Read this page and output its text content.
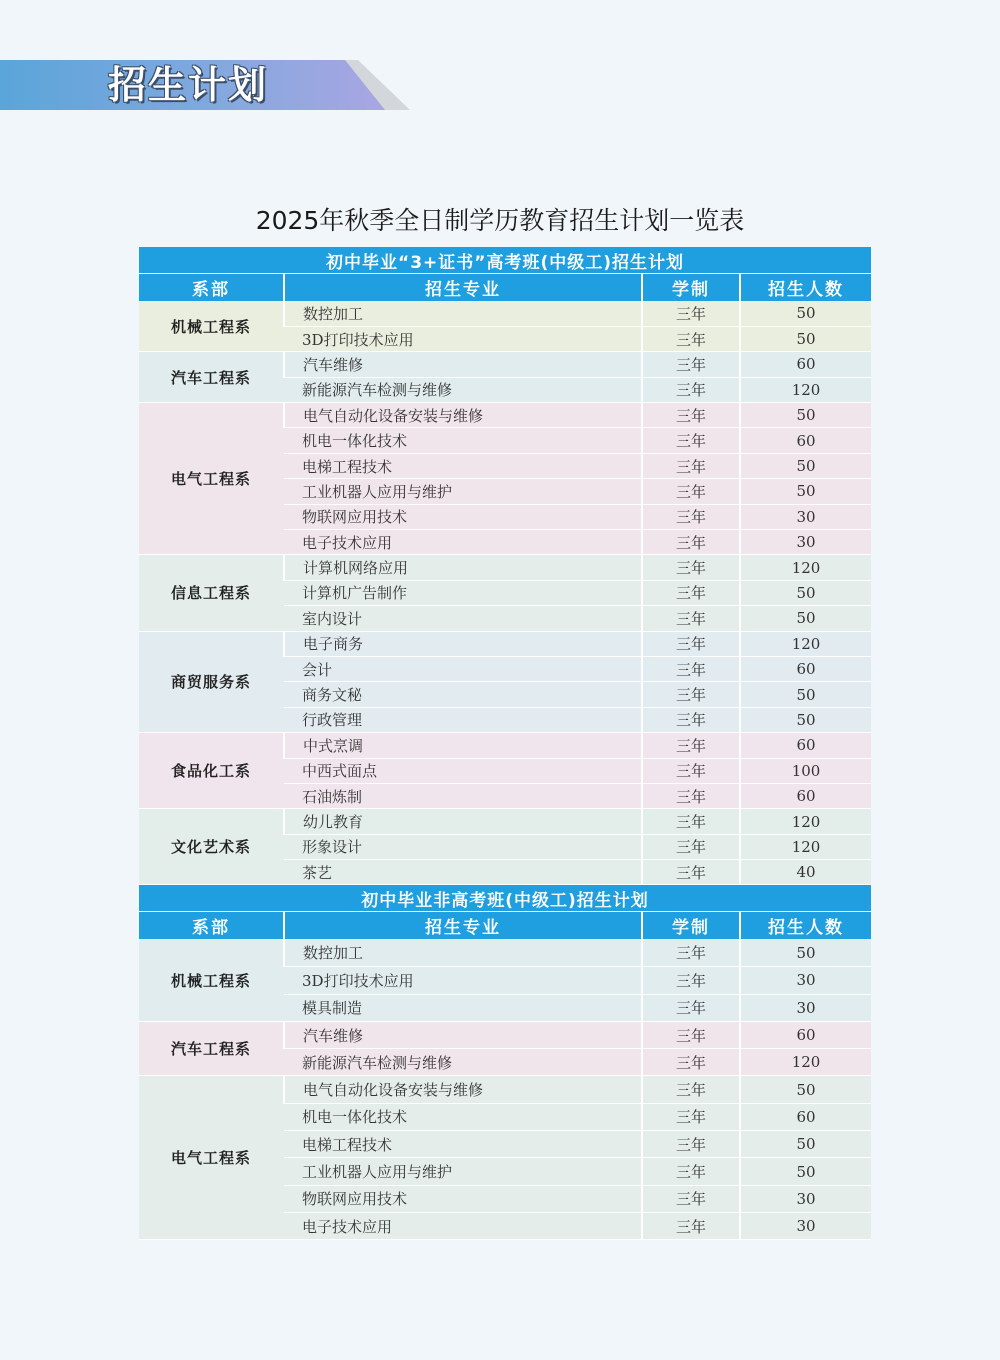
招生计划
2025年秋季全日制学历教育招生计划一览表
初中毕业“3+证书”高考班(中级工)招生计划			
系部	招生专业	学制	招生人数
机械工程系	数控加工	三年	50
	3D打印技术应用	三年	50
汽车工程系	汽车维修	三年	60
	新能源汽车检测与维修	三年	120
电气工程系	电气自动化设备安装与维修	三年	50
	机电一体化技术	三年	60
	电梯工程技术	三年	50
	工业机器人应用与维护	三年	50
	物联网应用技术	三年	30
	电子技术应用	三年	30
信息工程系	计算机网络应用	三年	120
	计算机广告制作	三年	50
	室内设计	三年	50
商贸服务系	电子商务	三年	120
	会计	三年	60
	商务文秘	三年	50
	行政管理	三年	50
食品化工系	中式烹调	三年	60
	中西式面点	三年	100
	石油炼制	三年	60
文化艺术系	幼儿教育	三年	120
	形象设计	三年	120
	茶艺	三年	40
初中毕业非高考班(中级工)招生计划			
系部	招生专业	学制	招生人数
机械工程系	数控加工	三年	50
	3D打印技术应用	三年	30
	模具制造	三年	30
汽车工程系	汽车维修	三年	60
	新能源汽车检测与维修	三年	120
电气工程系	电气自动化设备安装与维修	三年	50
	机电一体化技术	三年	60
	电梯工程技术	三年	50
	工业机器人应用与维护	三年	50
	物联网应用技术	三年	30
	电子技术应用	三年	30
